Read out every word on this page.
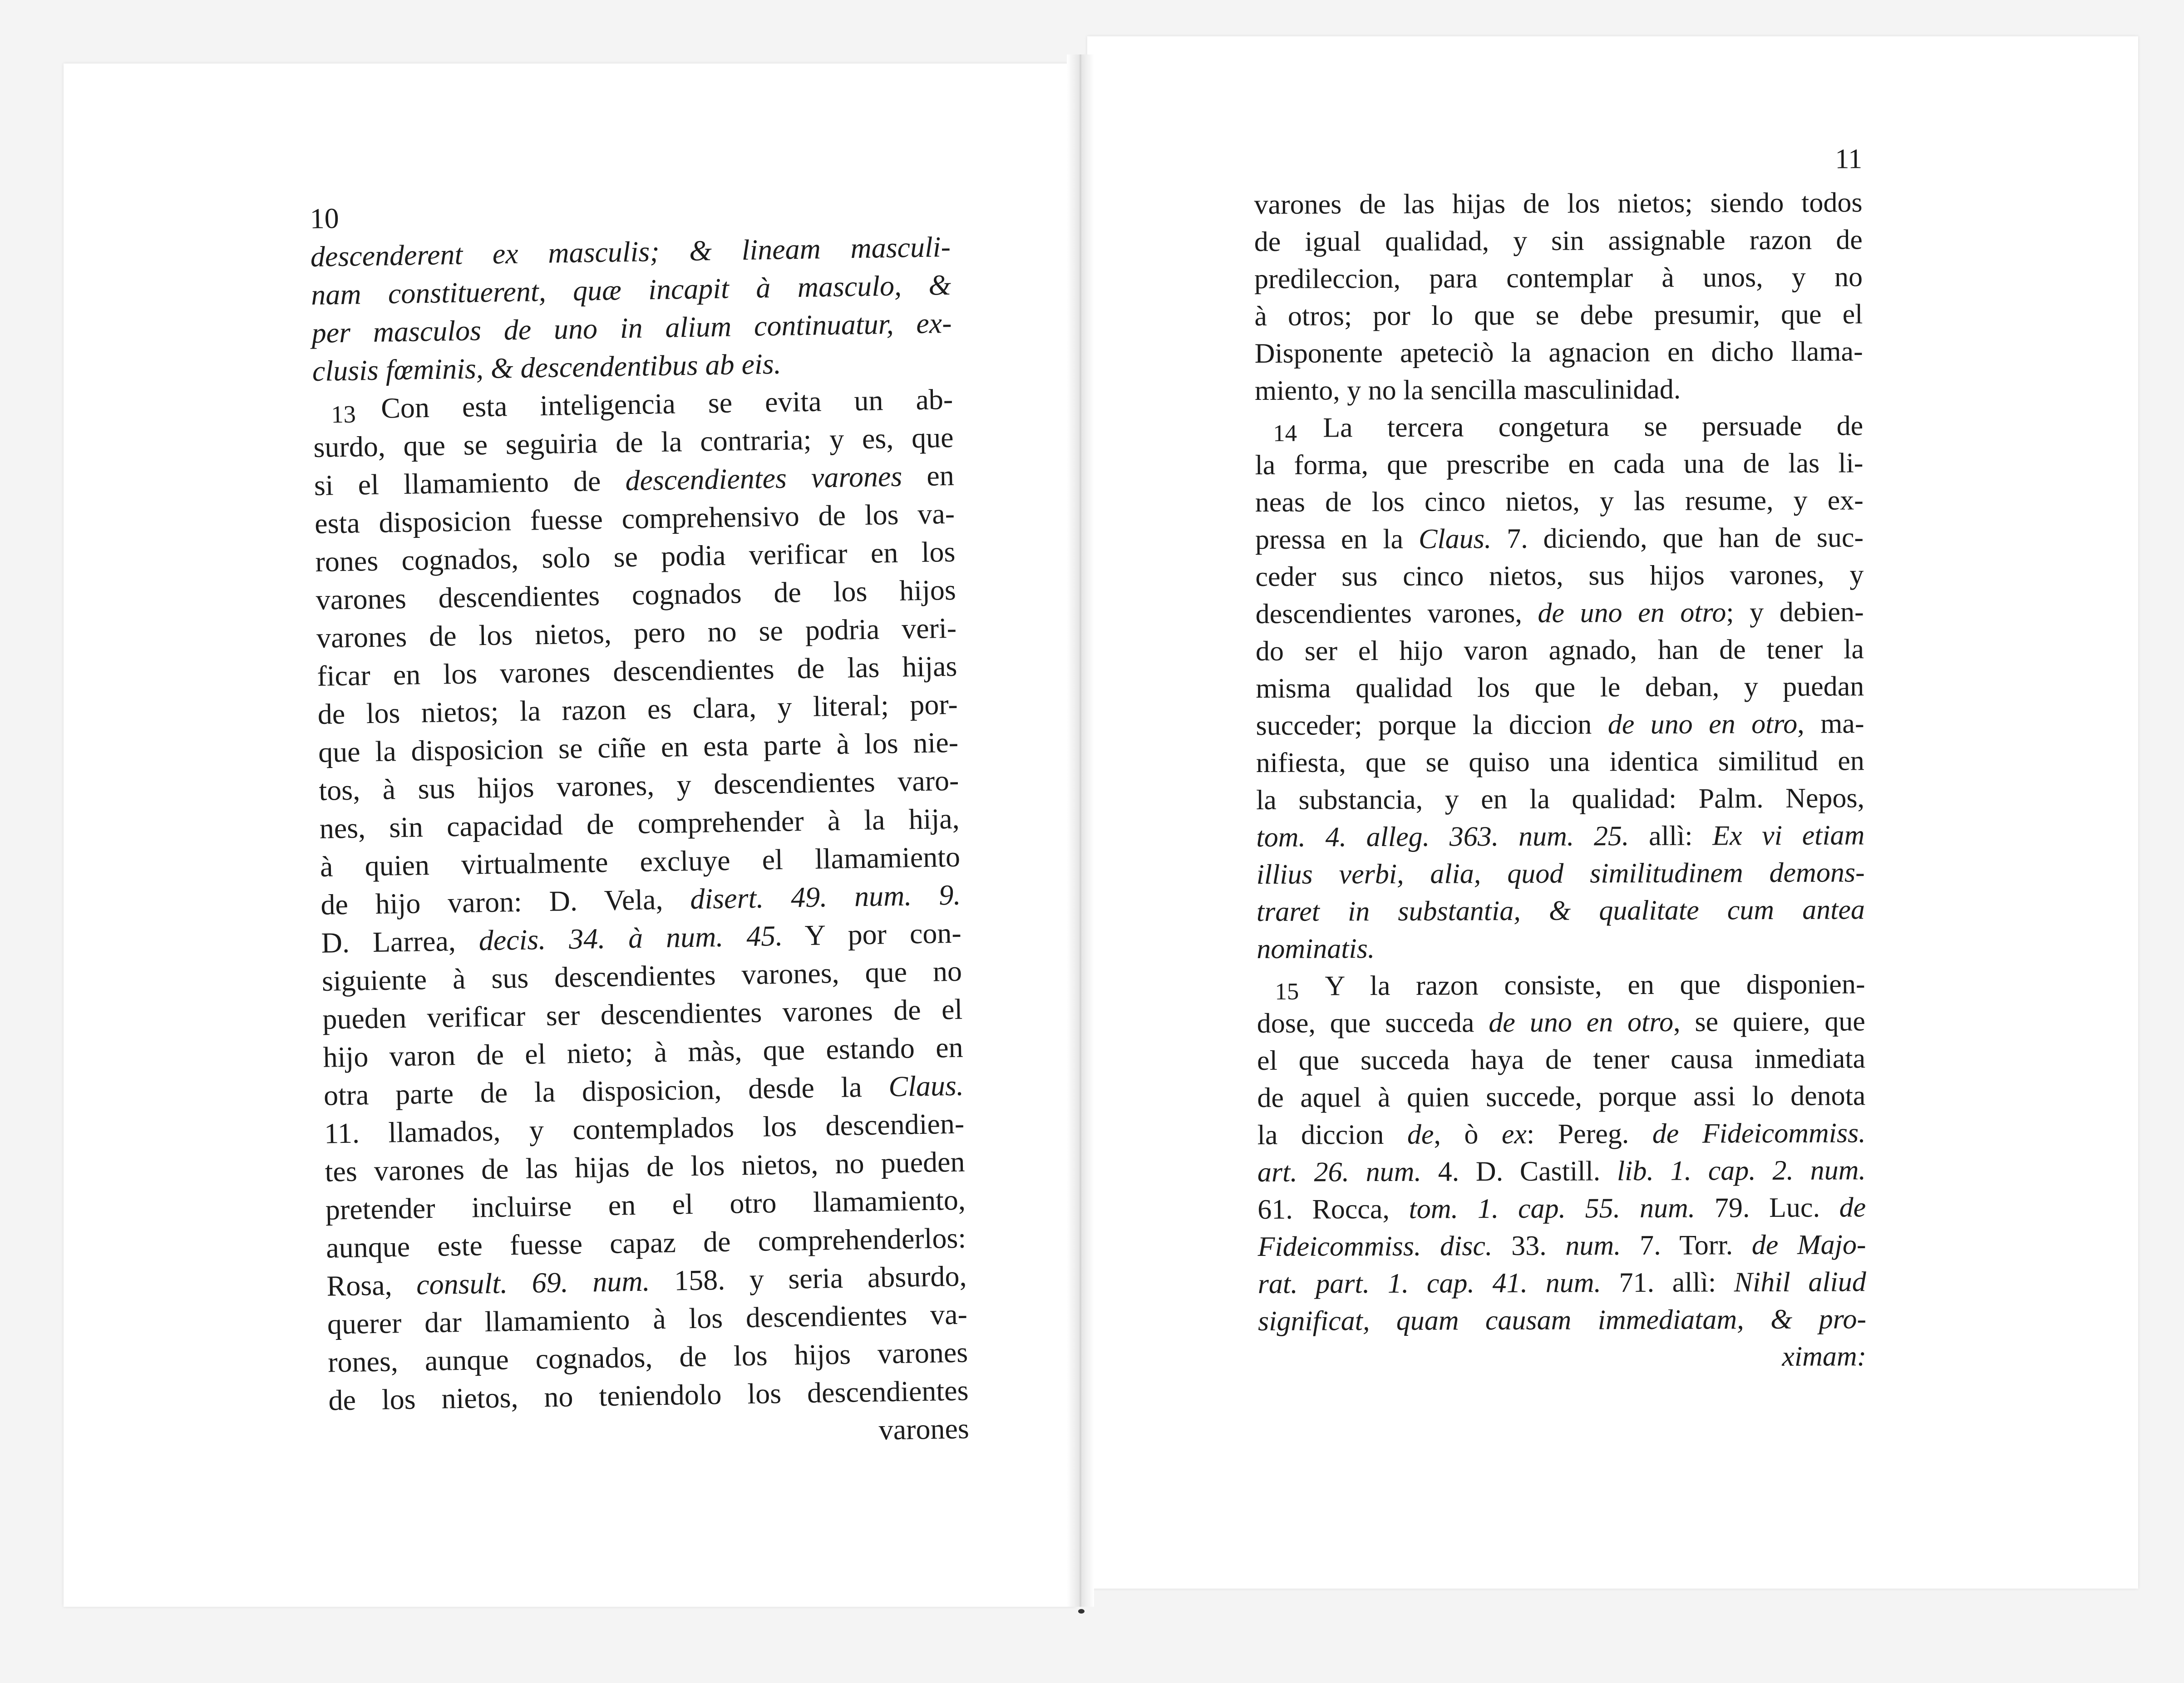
10
descenderent ex masculis; & lineam masculi-
nam constituerent, quæ incapit à masculo, &
per masculos de uno in alium continuatur, ex-
clusis fœminis, & descendentibus ab eis.
13 Con esta inteligencia se evita un ab-
surdo, que se seguiria de la contraria; y es, que
si el llamamiento de descendientes varones en
esta disposicion fuesse comprehensivo de los va-
rones cognados, solo se podia verificar en los
varones descendientes cognados de los hijos
varones de los nietos, pero no se podria veri-
ficar en los varones descendientes de las hijas
de los nietos; la razon es clara, y literal; por-
que la disposicion se ciñe en esta parte à los nie-
tos, à sus hijos varones, y descendientes varo-
nes, sin capacidad de comprehender à la hija,
à quien virtualmente excluye el llamamiento
de hijo varon: D. Vela, disert. 49. num. 9.
D. Larrea, decis. 34. à num. 45. Y por con-
siguiente à sus descendientes varones, que no
pueden verificar ser descendientes varones de el
hijo varon de el nieto; à màs, que estando en
otra parte de la disposicion, desde la Claus.
11. llamados, y contemplados los descendien-
tes varones de las hijas de los nietos, no pueden
pretender incluirse en el otro llamamiento,
aunque este fuesse capaz de comprehenderlos:
Rosa, consult. 69. num. 158. y seria absurdo,
querer dar llamamiento à los descendientes va-
rones, aunque cognados, de los hijos varones
de los nietos, no teniendolo los descendientes
varones
11
varones de las hijas de los nietos; siendo todos
de igual qualidad, y sin assignable razon de
predileccion, para contemplar à unos, y no
à otros; por lo que se debe presumir, que el
Disponente apeteciò la agnacion en dicho llama-
miento, y no la sencilla masculinidad.
14 La tercera congetura se persuade de
la forma, que prescribe en cada una de las li-
neas de los cinco nietos, y las resume, y ex-
pressa en la Claus. 7. diciendo, que han de suc-
ceder sus cinco nietos, sus hijos varones, y
descendientes varones, de uno en otro; y debien-
do ser el hijo varon agnado, han de tener la
misma qualidad los que le deban, y puedan
succeder; porque la diccion de uno en otro, ma-
nifiesta, que se quiso una identica similitud en
la substancia, y en la qualidad: Palm. Nepos,
tom. 4. alleg. 363. num. 25. allì: Ex vi etiam
illius verbi, alia, quod similitudinem demons-
traret in substantia, & qualitate cum antea
nominatis.
15 Y la razon consiste, en que disponien-
dose, que succeda de uno en otro, se quiere, que
el que succeda haya de tener causa inmediata
de aquel à quien succede, porque assi lo denota
la diccion de, ò ex: Pereg. de Fideicommiss.
art. 26. num. 4. D. Castill. lib. 1. cap. 2. num.
61. Rocca, tom. 1. cap. 55. num. 79. Luc. de
Fideicommiss. disc. 33. num. 7. Torr. de Majo-
rat. part. 1. cap. 41. num. 71. allì: Nihil aliud
significat, quam causam immediatam, & pro-
ximam:
